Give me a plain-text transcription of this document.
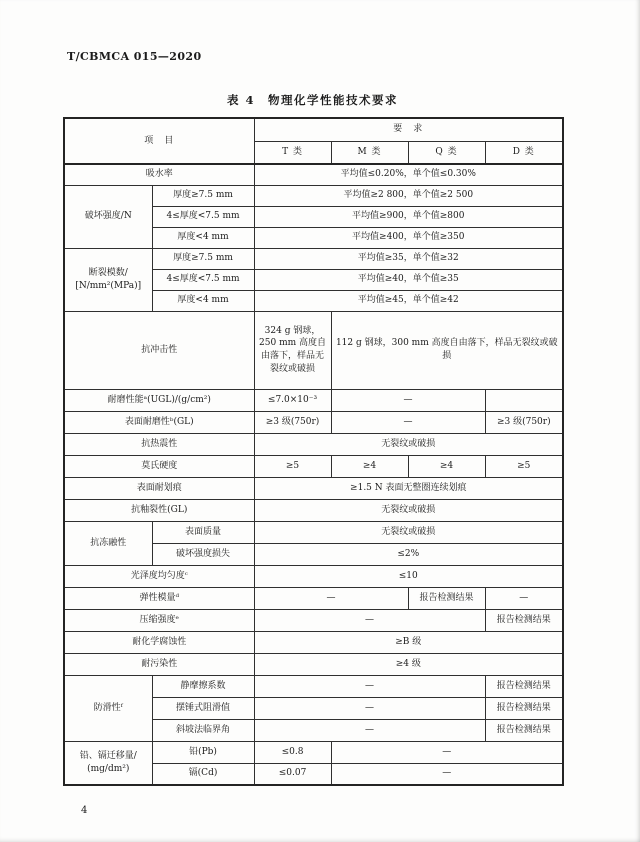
T/CBMCA 015—2020
表 4　物理化学性能技术要求
项　目		要　求			
		T 类	M 类	Q 类	D 类
吸水率		平均值≤0.20%，单个值≤0.30%			
破坏强度/N	厚度≥7.5 mm	平均值≥2 800，单个值≥2 500			
	4≤厚度<7.5 mm	平均值≥900，单个值≥800			
	厚度<4 mm	平均值≥400，单个值≥350			
断裂模数/ [N/mm²(MPa)]	厚度≥7.5 mm	平均值≥35，单个值≥32			
	4≤厚度<7.5 mm	平均值≥40，单个值≥35			
	厚度<4 mm	平均值≥45，单个值≥42			
抗冲击性		324 g 钢球，250 mm 高度自由落下，样品无裂纹或破损	112 g 钢球，300 mm 高度自由落下，样品无裂纹或破损		
耐磨性能ᵃ(UGL)/(g/cm²)		≤7.0×10⁻³	—		
表面耐磨性ᵇ(GL)		≥3 级(750r)	—		≥3 级(750r)
抗热震性		无裂纹或破损			
莫氏硬度		≥5	≥4	≥4	≥5
表面耐划痕		≥1.5 N 表面无整圈连续划痕			
抗釉裂性(GL)		无裂纹或破损			
抗冻融性	表面质量	无裂纹或破损			
	破坏强度损失	≤2%			
光泽度均匀度ᶜ		≤10			
弹性模量ᵈ		—		报告检测结果	—
压缩强度ᵉ		—			报告检测结果
耐化学腐蚀性		≥B 级			
耐污染性		≥4 级			
防滑性ᶠ	静摩擦系数	—			报告检测结果
	摆锤式阻滑值	—			报告检测结果
	斜坡法临界角	—			报告检测结果
铅、镉迁移量/ (mg/dm²)	铅(Pb)	≤0.8	—		
	镉(Cd)	≤0.07	—		
4
